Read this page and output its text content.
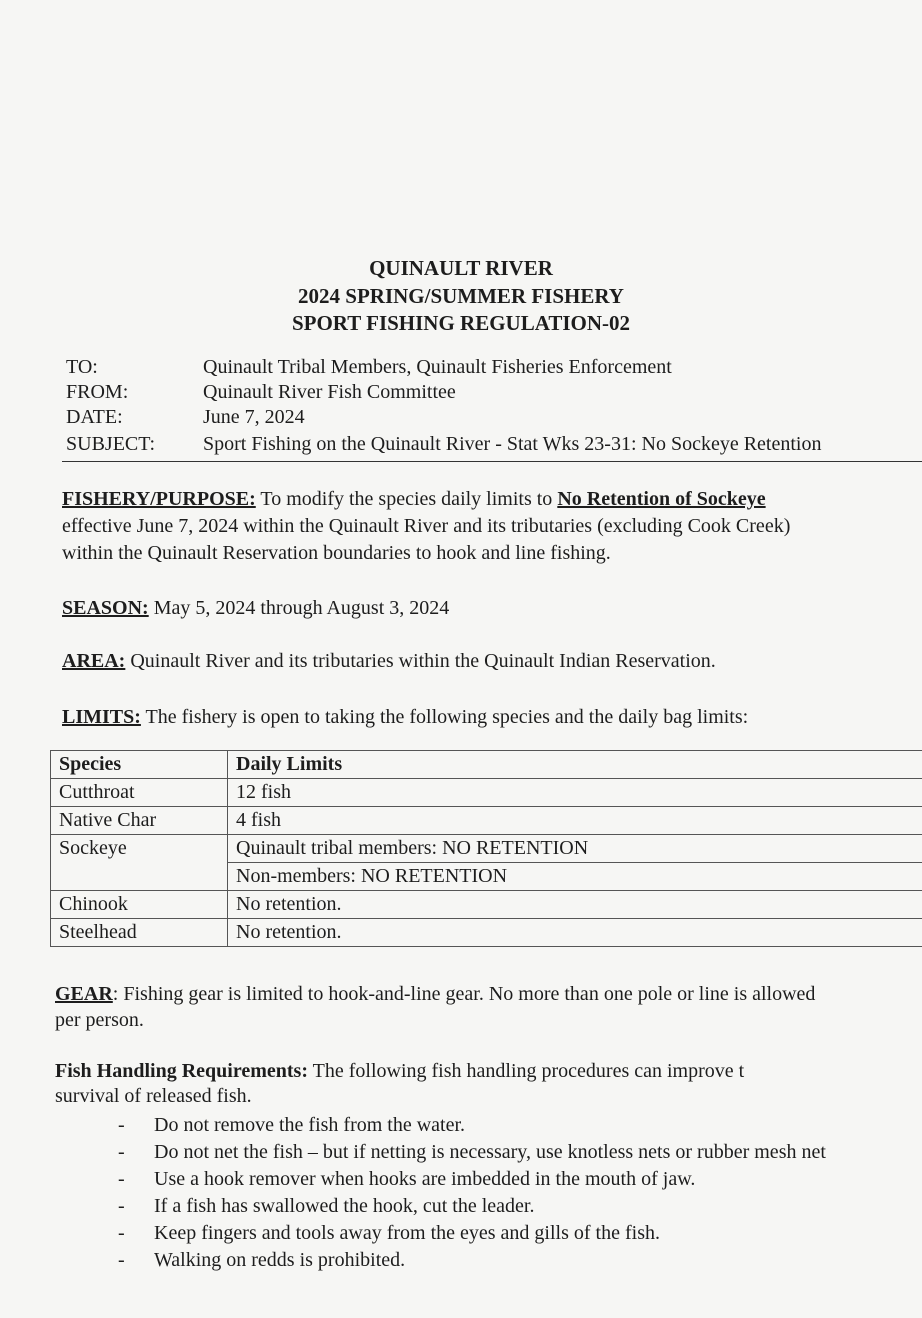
QUINAULT RIVER
2024 SPRING/SUMMER FISHERY
SPORT FISHING REGULATION-02
TO:	Quinault Tribal Members, Quinault Fisheries Enforcement
FROM:	Quinault River Fish Committee
DATE:	June 7, 2024
SUBJECT: Sport Fishing on the Quinault River - Stat Wks 23-31: No Sockeye Retention
FISHERY/PURPOSE: To modify the species daily limits to No Retention of Sockeye
effective June 7, 2024 within the Quinault River and its tributaries (excluding Cook Creek)
within the Quinault Reservation boundaries to hook and line fishing.
SEASON: May 5, 2024 through August 3, 2024
AREA: Quinault River and its tributaries within the Quinault Indian Reservation.
LIMITS: The fishery is open to taking the following species and the daily bag limits:
Species	Daily Limits
Cutthroat	12 fish
Native Char	4 fish
Sockeye	Quinault tribal members: NO RETENTION
	Non-members: NO RETENTION
Chinook	No retention.
Steelhead	No retention.
GEAR: Fishing gear is limited to hook-and-line gear. No more than one pole or line is allowed
per person.
Fish Handling Requirements: The following fish handling procedures can improve t
survival of released fish.
-	Do not remove the fish from the water.
-	Do not net the fish – but if netting is necessary, use knotless nets or rubber mesh net
-	Use a hook remover when hooks are imbedded in the mouth of jaw.
-	If a fish has swallowed the hook, cut the leader.
-	Keep fingers and tools away from the eyes and gills of the fish.
-	Walking on redds is prohibited.
